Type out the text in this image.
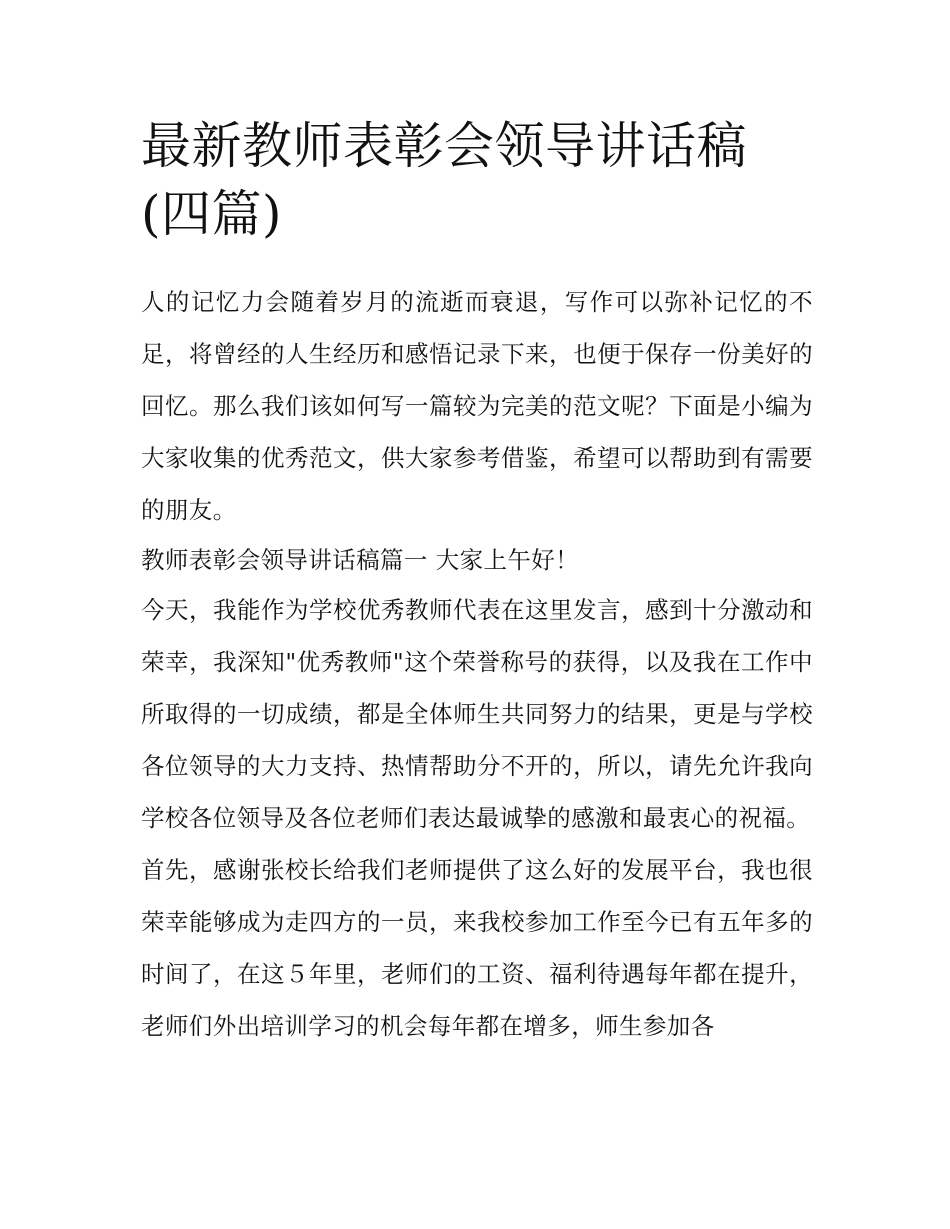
最新教师表彰会领导讲话稿(四篇)

人的记忆力会随着岁月的流逝而衰退，写作可以弥补记忆的不足，将曾经的人生经历和感悟记录下来，也便于保存一份美好的回忆。那么我们该如何写一篇较为完美的范文呢？下面是小编为大家收集的优秀范文，供大家参考借鉴，希望可以帮助到有需要的朋友。

教师表彰会领导讲话稿篇一 大家上午好！

今天，我能作为学校优秀教师代表在这里发言，感到十分激动和荣幸，我深知"优秀教师"这个荣誉称号的获得，以及我在工作中所取得的一切成绩，都是全体师生共同努力的结果，更是与学校各位领导的大力支持、热情帮助分不开的，所以，请先允许我向学校各位领导及各位老师们表达最诚挚的感激和最衷心的祝福。

首先，感谢张校长给我们老师提供了这么好的发展平台，我也很荣幸能够成为走四方的一员，来我校参加工作至今已有五年多的时间了，在这５年里，老师们的工资、福利待遇每年都在提升，老师们外出培训学习的机会每年都在增多，师生参加各
